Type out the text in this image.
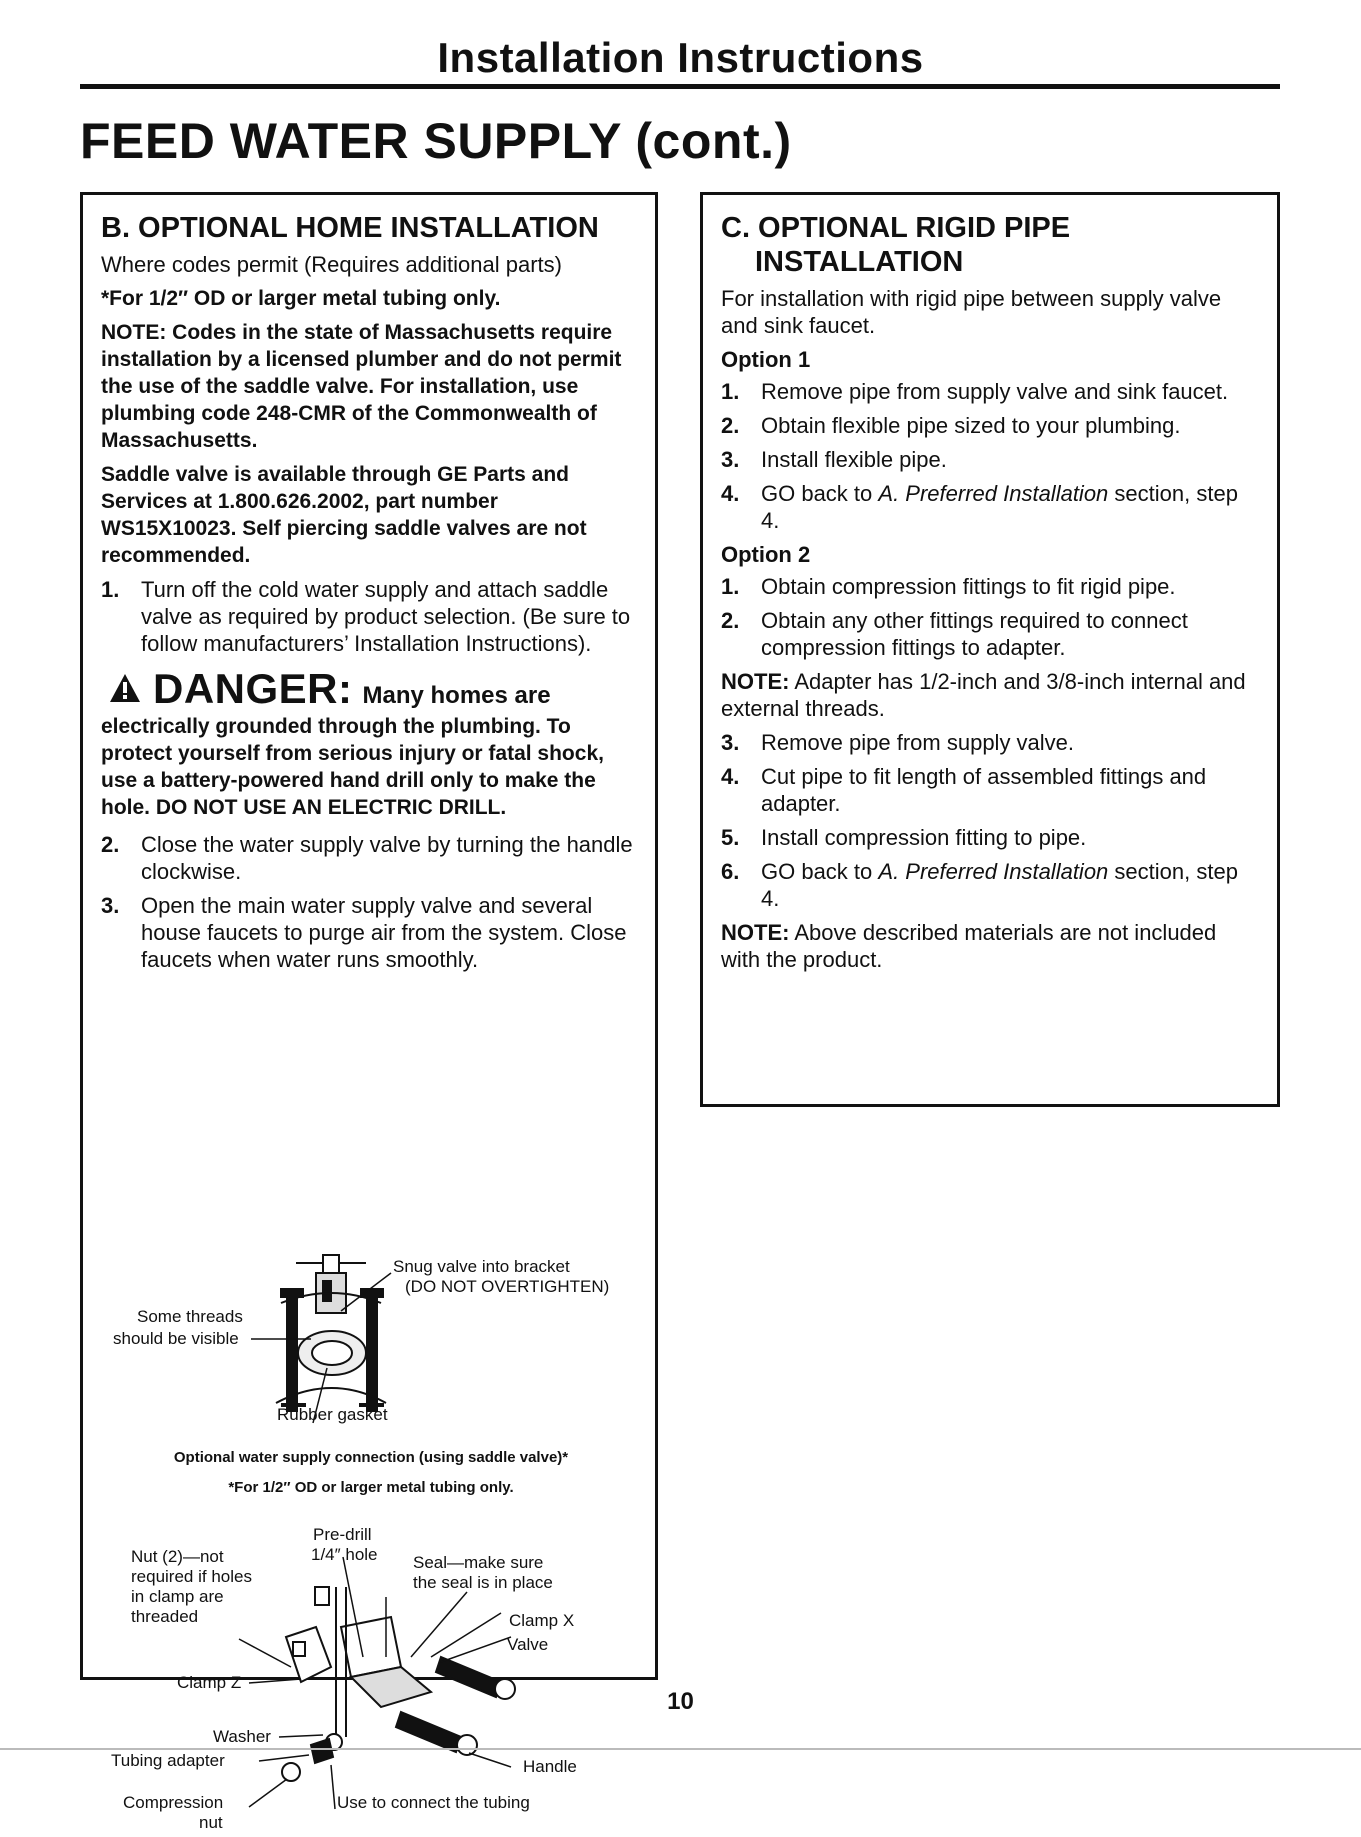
Installation Instructions
FEED WATER SUPPLY (cont.)
B. OPTIONAL HOME INSTALLATION

Where codes permit (Requires additional parts)

*For 1/2″ OD or larger metal tubing only.

NOTE: Codes in the state of Massachusetts require installation by a licensed plumber and do not permit the use of the saddle valve. For installation, use plumbing code 248-CMR of the Commonwealth of Massachusetts.

Saddle valve is available through GE Parts and Services at 1.800.626.2002, part number WS15X10023. Self piercing saddle valves are not recommended.

1. Turn off the cold water supply and attach saddle valve as required by product selection. (Be sure to follow manufacturers’ Installation Instructions).
DANGER: Many homes are

electrically grounded through the plumbing. To protect yourself from serious injury or fatal shock, use a battery-powered hand drill only to make the hole. DO NOT USE AN ELECTRIC DRILL.

2. Close the water supply valve by turning the handle clockwise.
3. Open the main water supply valve and several house faucets to purge air from the system. Close faucets when water runs smoothly.
Snug valve into bracket
(DO NOT OVERTIGHTEN)
Some threads
should be visible
Rubber gasket
Optional water supply connection (using saddle valve)*
*For 1/2″ OD or larger metal tubing only.
Nut (2)—not
required if holes
in clamp are
threaded
Pre-drill
1/4″ hole Seal—make sure
the seal is in place
Clamp X
Valve
Clamp Z
Washer
Tubing adapter	Handle
Compression
nut
Use to connect the tubing
C. OPTIONAL RIGID PIPE
INSTALLATION

For installation with rigid pipe between supply valve and sink faucet.

Option 1
1. Remove pipe from supply valve and sink faucet.
2. Obtain flexible pipe sized to your plumbing.
3. Install flexible pipe.
4. GO back to A. Preferred Installation section, step 4.
Option 2
1. Obtain compression fittings to fit rigid pipe.
2. Obtain any other fittings required to connect compression fittings to adapter.

NOTE: Adapter has 1/2-inch and 3/8-inch internal and external threads.

3. Remove pipe from supply valve.
4. Cut pipe to fit length of assembled fittings and adapter.
5. Install compression fitting to pipe.
6. GO back to A. Preferred Installation section, step 4.

NOTE: Above described materials are not included with the product.

10
